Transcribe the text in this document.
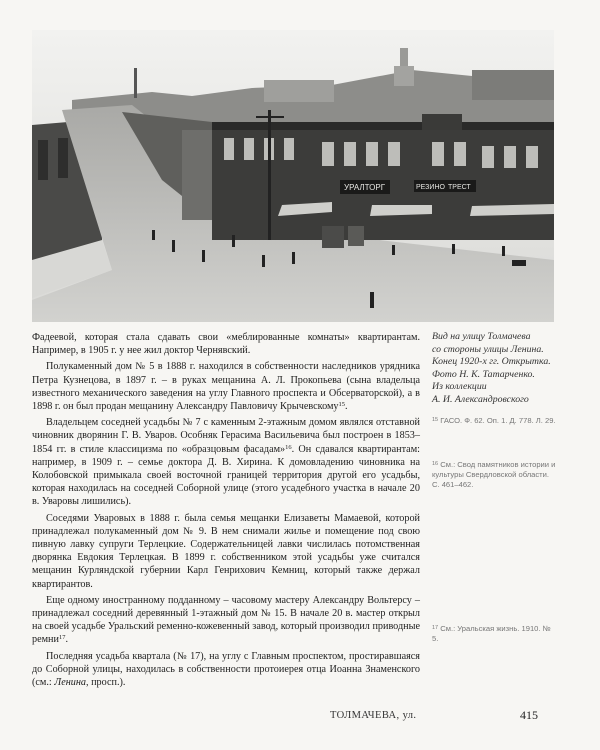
УРАЛТОРГ	РЕЗИНО ТРЕСТ

Фадеевой, которая стала сдавать свои «меблированные комнаты» квартирантам. Например, в 1905 г. у нее жил доктор Чернявский.

Полукаменный дом № 5 в 1888 г. находился в собственности наследников урядника Петра Кузнецова, в 1897 г. – в руках мещанина А. Л. Прокопьева (сына владельца известного механического заведения на углу Главного проспекта и Обсерваторской), а в 1898 г. он был продан мещанину Александру Павловичу Крычевскому$^{15}$.

Владельцем соседней усадьбы № 7 с каменным 2-этажным домом являлся отставной чиновник дворянин Г. В. Уваров. Особняк Герасима Васильевича был построен в 1853–1854 гг. в стиле классицизма по «образцовым фасадам»$^{16}$. Он сдавался квартирантам: например, в 1909 г. – семье доктора Д. В. Хирина. К домовладению чиновника на Колобовской примыкала своей восточной границей территория другой его усадьбы, которая находилась на соседней Соборной улице (этого усадебного участка в начале 20 в. Уваровы лишились).

Соседями Уваровых в 1888 г. была семья мещанки Елизаветы Мамаевой, которой принадлежал полукаменный дом № 9. В нем снимали жилье и помещение под свою пивную лавку супруги Терлецкие. Содержательницей лавки числилась потомственная дворянка Евдокия Терлецкая. В 1899 г. собственником этой усадьбы уже считался мещанин Курляндской губернии Карл Генрихович Кемниц, который также держал квартирантов.

Еще одному иностранному подданному – часовому мастеру Александру Вольтерсу – принадлежал соседний деревянный 1-этажный дом № 15. В начале 20 в. мастер открыл на своей усадьбе Уральский ременно-кожевенный завод, который производил приводные ремни$^{17}$.

Последняя усадьба квартала (№ 17), на углу с Главным проспектом, простиравшаяся до Соборной улицы, находилась в собственности протоиерея отца Иоанна Знаменского (см.: Ленина, просп.).

Вид на улицу Толмачева
со стороны улицы Ленина.
Конец 1920-х гг. Открытка.
Фото Н. К. Татарченко.
Из коллекции
А. И. Александровского
$^{15}$ ГАСО. Ф. 62. Оп. 1. Д. 778. Л. 29.
$^{16}$ См.: Свод памятников истории и культуры Свердловской области. С. 461–462.
$^{17}$ См.: Уральская жизнь. 1910. № 5.
ТОЛМАЧЕВА, ул.	415
